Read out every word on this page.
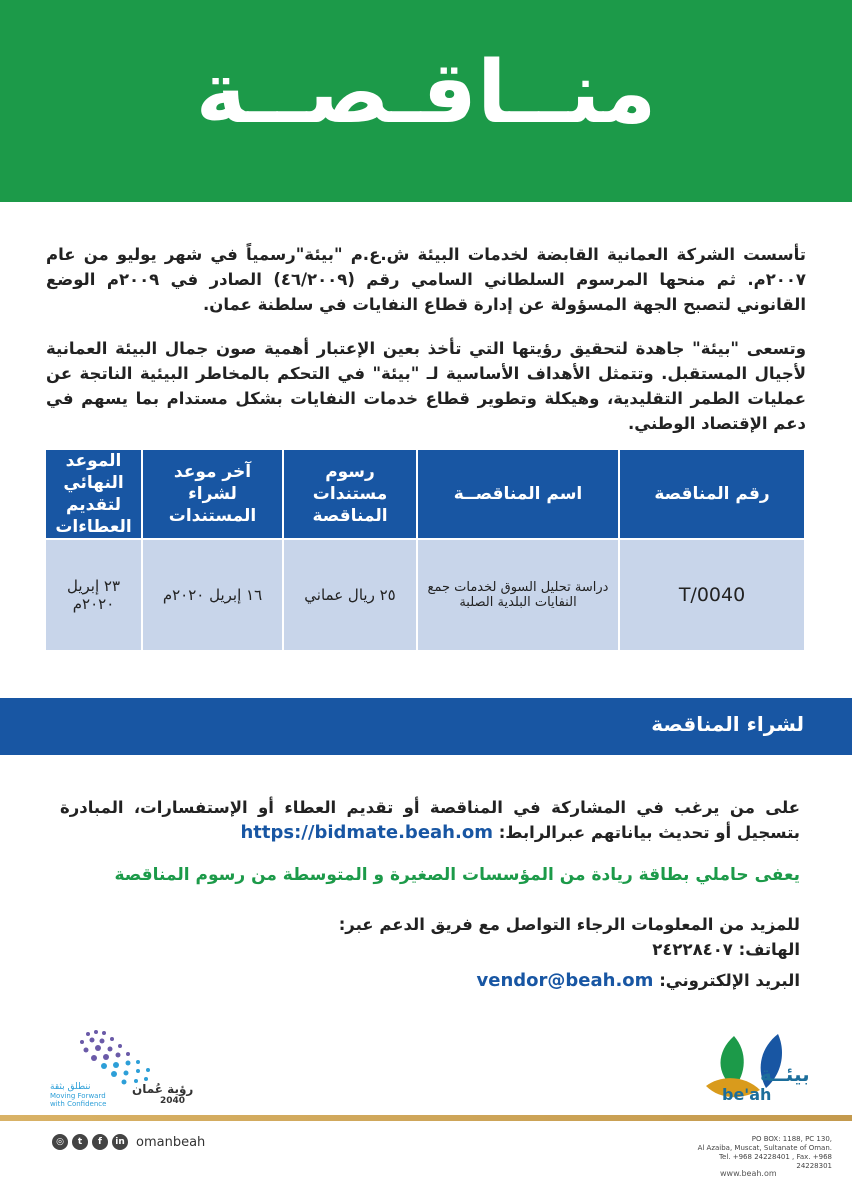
منــاقـصــة

تأسست الشركة العمانية القابضة لخدمات البيئة ش.ع.م "بيئة"رسمياً في شهر يوليو من عام ٢٠٠٧م. ثم منحها المرسوم السلطاني السامي رقم (٤٦/٢٠٠٩) الصادر في ٢٠٠٩م الوضع القانوني لتصبح الجهة المسؤولة عن إدارة قطاع النفايات في سلطنة عمان.

وتسعى "بيئة" جاهدة لتحقيق رؤيتها التي تأخذ بعين الإعتبار أهمية صون جمال البيئة العمانية لأجيال المستقبل. وتتمثل الأهداف الأساسية لـ "بيئة" في التحكم بالمخاطر البيئية الناتجة عن عمليات الطمر التقليدية، وهيكلة وتطوير قطاع خدمات النفايات بشكل مستدام بما يسهم في دعم الإقتصاد الوطني.

رقم المناقصة	اسم المناقصــة	رسوم مستندات المناقصة	آخر موعد لشراء المستندات	الموعد النهائي لتقديم العطاءات
T/0040	دراسة تحليل السوق لخدمات جمع النفايات البلدية الصلبة	٢٥ ريال عماني	١٦ إبريل ٢٠٢٠م	٢٣ إبريل ٢٠٢٠م
لشراء المناقصة

على من يرغب في المشاركة في المناقصة أو تقديم العطاء أو الإستفسارات، المبادرة بتسجيل أو تحديث بياناتهم عبرالرابط: https://bidmate.beah.om

يعفى حاملي بطاقة ريادة من المؤسسات الصغيرة و المتوسطة من رسوم المناقصة

للمزيد من المعلومات الرجاء التواصل مع فريق الدعم عبر:
الهاتف: ٢٤٢٢٨٤٠٧

البريد الإلكتروني: vendor@beah.om

رؤية عُمان
2040
ننطلق بثقة
Moving Forward
with Confidence
بيئــة
be'ah
◎	t	f	in omanbeah	PO BOX: 1188, PC 130,
Al Azaiba, Muscat, Sultanate of Oman.
Tel. +968 24228401 , Fax. +968 24228301

www.beah.om
